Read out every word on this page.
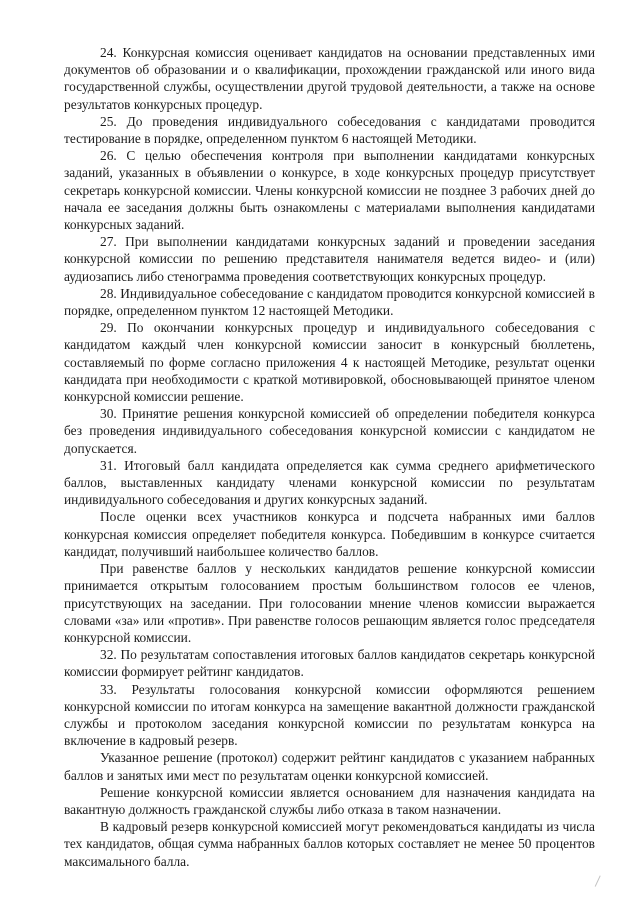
24. Конкурсная комиссия оценивает кандидатов на основании представленных ими документов об образовании и о квалификации, прохождении гражданской или иного вида государственной службы, осуществлении другой трудовой деятельности, а также на основе результатов конкурсных процедур.

25. До проведения индивидуального собеседования с кандидатами проводится тестирование в порядке, определенном пунктом 6 настоящей Методики.

26. С целью обеспечения контроля при выполнении кандидатами конкурсных заданий, указанных в объявлении о конкурсе, в ходе конкурсных процедур присутствует секретарь конкурсной комиссии. Члены конкурсной комиссии не позднее 3 рабочих дней до начала ее заседания должны быть ознакомлены с материалами выполнения кандидатами конкурсных заданий.

27. При выполнении кандидатами конкурсных заданий и проведении заседания конкурсной комиссии по решению представителя нанимателя ведется видео- и (или) аудиозапись либо стенограмма проведения соответствующих конкурсных процедур.

28. Индивидуальное собеседование с кандидатом проводится конкурсной комиссией в порядке, определенном пунктом 12 настоящей Методики.

29. По окончании конкурсных процедур и индивидуального собеседования с кандидатом каждый член конкурсной комиссии заносит в конкурсный бюллетень, составляемый по форме согласно приложения 4 к настоящей Методике, результат оценки кандидата при необходимости с краткой мотивировкой, обосновывающей принятое членом конкурсной комиссии решение.

30. Принятие решения конкурсной комиссией об определении победителя конкурса без проведения индивидуального собеседования конкурсной комиссии с кандидатом не допускается.

31. Итоговый балл кандидата определяется как сумма среднего арифметического баллов, выставленных кандидату членами конкурсной комиссии по результатам индивидуального собеседования и других конкурсных заданий.

После оценки всех участников конкурса и подсчета набранных ими баллов конкурсная комиссия определяет победителя конкурса. Победившим в конкурсе считается кандидат, получивший наибольшее количество баллов.

При равенстве баллов у нескольких кандидатов решение конкурсной комиссии принимается открытым голосованием простым большинством голосов ее членов, присутствующих на заседании. При голосовании мнение членов комиссии выражается словами «за» или «против». При равенстве голосов решающим является голос председателя конкурсной комиссии.

32. По результатам сопоставления итоговых баллов кандидатов секретарь конкурсной комиссии формирует рейтинг кандидатов.

33. Результаты голосования конкурсной комиссии оформляются решением конкурсной комиссии по итогам конкурса на замещение вакантной должности гражданской службы и протоколом заседания конкурсной комиссии по результатам конкурса на включение в кадровый резерв.

Указанное решение (протокол) содержит рейтинг кандидатов с указанием набранных баллов и занятых ими мест по результатам оценки конкурсной комиссией.

Решение конкурсной комиссии является основанием для назначения кандидата на вакантную должность гражданской службы либо отказа в таком назначении.

В кадровый резерв конкурсной комиссией могут рекомендоваться кандидаты из числа тех кандидатов, общая сумма набранных баллов которых составляет не менее 50 процентов максимального балла.
